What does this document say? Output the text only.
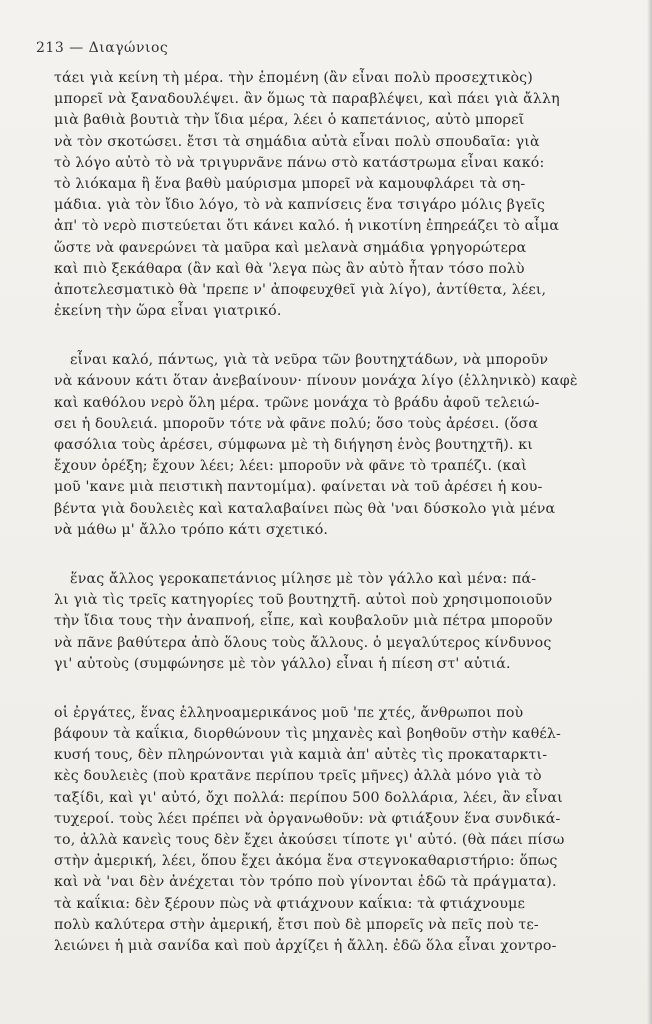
213 — Διαγώνιος
τάει γιὰ κείνη τὴ μέρα. τὴν ἑπομένη (ἂν εἶναι πολὺ προσεχτικὸς)
μπορεῖ νὰ ξαναδουλέψει. ἂν ὅμως τὰ παραβλέψει, καὶ πάει γιὰ ἄλλη
μιὰ βαθιὰ βουτιὰ τὴν ἴδια μέρα, λέει ὁ καπετάνιος, αὐτὸ μπορεῖ
νὰ τὸν σκοτώσει. ἔτσι τὰ σημάδια αὐτὰ εἶναι πολὺ σπουδαῖα: γιὰ
τὸ λόγο αὐτὸ τὸ νὰ τριγυρνᾶνε πάνω στὸ κατάστρωμα εἶναι κακό:
τὸ λιόκαμα ἢ ἕνα βαθὺ μαύρισμα μπορεῖ νὰ καμουφλάρει τὰ ση-
μάδια. γιὰ τὸν ἴδιο λόγο, τὸ νὰ καπνίσεις ἕνα τσιγάρο μόλις βγεῖς
ἀπ' τὸ νερὸ πιστεύεται ὅτι κάνει καλό. ἡ νικοτίνη ἐπηρεάζει τὸ αἷμα
ὥστε νὰ φανερώνει τὰ μαῦρα καὶ μελανὰ σημάδια γρηγορώτερα
καὶ πιὸ ξεκάθαρα (ἂν καὶ θὰ 'λεγα πὼς ἂν αὐτὸ ἦταν τόσο πολὺ
ἀποτελεσματικὸ θὰ 'πρεπε ν' ἀποφευχθεῖ γιὰ λίγο), ἀντίθετα, λέει,
ἐκείνη τὴν ὥρα εἶναι γιατρικό.
εἶναι καλό, πάντως, γιὰ τὰ νεῦρα τῶν βουτηχτάδων, νὰ μποροῦν
νὰ κάνουν κάτι ὅταν ἀνεβαίνουν· πίνουν μονάχα λίγο (ἑλληνικὸ) καφὲ
καὶ καθόλου νερὸ ὅλη μέρα. τρῶνε μονάχα τὸ βράδυ ἀφοῦ τελειώ-
σει ἡ δουλειά. μποροῦν τότε νὰ φᾶνε πολύ; ὅσο τοὺς ἀρέσει. (ὅσα
φασόλια τοὺς ἀρέσει, σύμφωνα μὲ τὴ διήγηση ἑνὸς βουτηχτῆ). κι
ἔχουν ὀρέξη; ἔχουν λέει; λέει: μποροῦν νὰ φᾶνε τὸ τραπέζι. (καὶ
μοῦ 'κανε μιὰ πειστικὴ παντομίμα). φαίνεται νὰ τοῦ ἀρέσει ἡ κου-
βέντα γιὰ δουλειὲς καὶ καταλαβαίνει πὼς θὰ 'ναι δύσκολο γιὰ μένα
νὰ μάθω μ' ἄλλο τρόπο κάτι σχετικό.
ἕνας ἄλλος γεροκαπετάνιος μίλησε μὲ τὸν γάλλο καὶ μένα: πά-
λι γιὰ τὶς τρεῖς κατηγορίες τοῦ βουτηχτῆ. αὐτοὶ ποὺ χρησιμοποιοῦν
τὴν ἴδια τους τὴν ἀναπνοή, εἶπε, καὶ κουβαλοῦν μιὰ πέτρα μποροῦν
νὰ πᾶνε βαθύτερα ἀπὸ ὅλους τοὺς ἄλλους. ὁ μεγαλύτερος κίνδυνος
γι' αὐτοὺς (συμφώνησε μὲ τὸν γάλλο) εἶναι ἡ πίεση στ' αὐτιά.
οἱ ἐργάτες, ἕνας ἑλληνοαμερικάνος μοῦ 'πε χτές, ἄνθρωποι ποὺ
βάφουν τὰ καΐκια, διορθώνουν τὶς μηχανὲς καὶ βοηθοῦν στὴν καθέλ-
κυσή τους, δὲν πληρώνονται γιὰ καμιὰ ἀπ' αὐτὲς τὶς προκαταρκτι-
κὲς δουλειὲς (ποὺ κρατᾶνε περίπου τρεῖς μῆνες) ἀλλὰ μόνο γιὰ τὸ
ταξίδι, καὶ γι' αὐτό, ὄχι πολλά: περίπου 500 δολλάρια, λέει, ἂν εἶναι
τυχεροί. τοὺς λέει πρέπει νὰ ὀργανωθοῦν: νὰ φτιάξουν ἕνα συνδικά-
το, ἀλλὰ κανεὶς τους δὲν ἔχει ἀκούσει τίποτε γι' αὐτό. (θὰ πάει πίσω
στὴν ἀμερική, λέει, ὅπου ἔχει ἀκόμα ἕνα στεγνοκαθαριστήριο: ὅπως
καὶ νὰ 'ναι δὲν ἀνέχεται τὸν τρόπο ποὺ γίνονται ἐδῶ τὰ πράγματα).
τὰ καΐκια: δὲν ξέρουν πὼς νὰ φτιάχνουν καΐκια: τὰ φτιάχνουμε
πολὺ καλύτερα στὴν ἀμερική, ἔτσι ποὺ δὲ μπορεῖς νὰ πεῖς ποὺ τε-
λειώνει ἡ μιὰ σανίδα καὶ ποὺ ἀρχίζει ἡ ἄλλη. ἐδῶ ὅλα εἶναι χοντρο-
